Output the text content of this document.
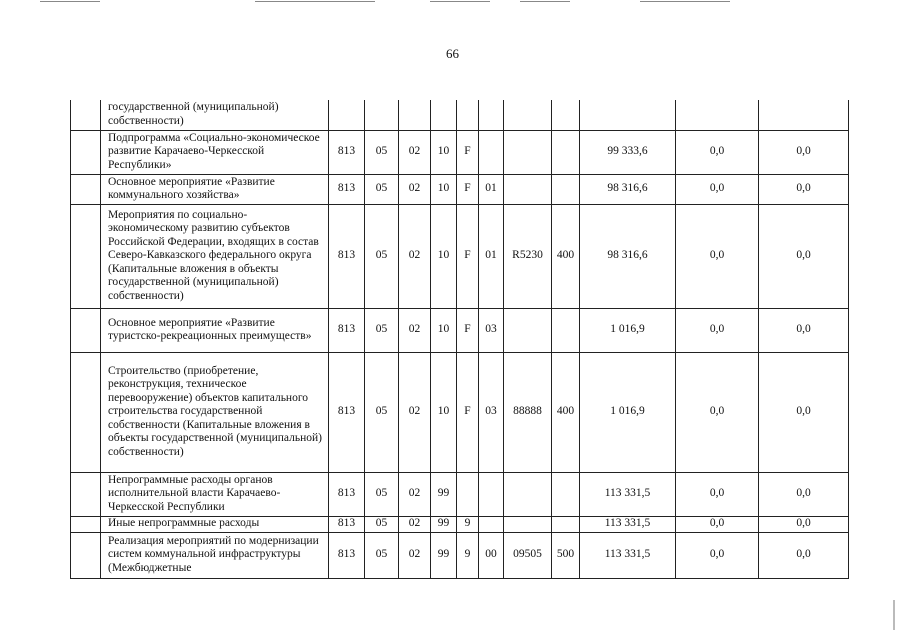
66
	государственной (муниципальной) собственности)											
	Подпрограмма «Социально-экономическое развитие Карачаево-Черкесской Республики»	813	05	02	10	F				99 333,6	0,0	0,0
	Основное мероприятие «Развитие коммунального хозяйства»	813	05	02	10	F	01			98 316,6	0,0	0,0
	Мероприятия по социально-экономическому развитию субъектов Российской Федерации, входящих в состав Северо-Кавказского федерального округа (Капитальные вложения в объекты государственной (муниципальной) собственности)	813	05	02	10	F	01	R5230	400	98 316,6	0,0	0,0
	Основное мероприятие «Развитие туристско-рекреационных преимуществ»	813	05	02	10	F	03			1 016,9	0,0	0,0
	Строительство (приобретение, реконструкция, техническое перевооружение) объектов капитального строительства государственной собственности (Капитальные вложения в объекты государственной (муниципальной) собственности)	813	05	02	10	F	03	88888	400	1 016,9	0,0	0,0
	Непрограммные расходы органов исполнительной власти Карачаево-Черкесской Республики	813	05	02	99					113 331,5	0,0	0,0
	Иные непрограммные расходы	813	05	02	99	9				113 331,5	0,0	0,0
	Реализация мероприятий по модернизации систем коммунальной инфраструктуры (Межбюджетные	813	05	02	99	9	00	09505	500	113 331,5	0,0	0,0
